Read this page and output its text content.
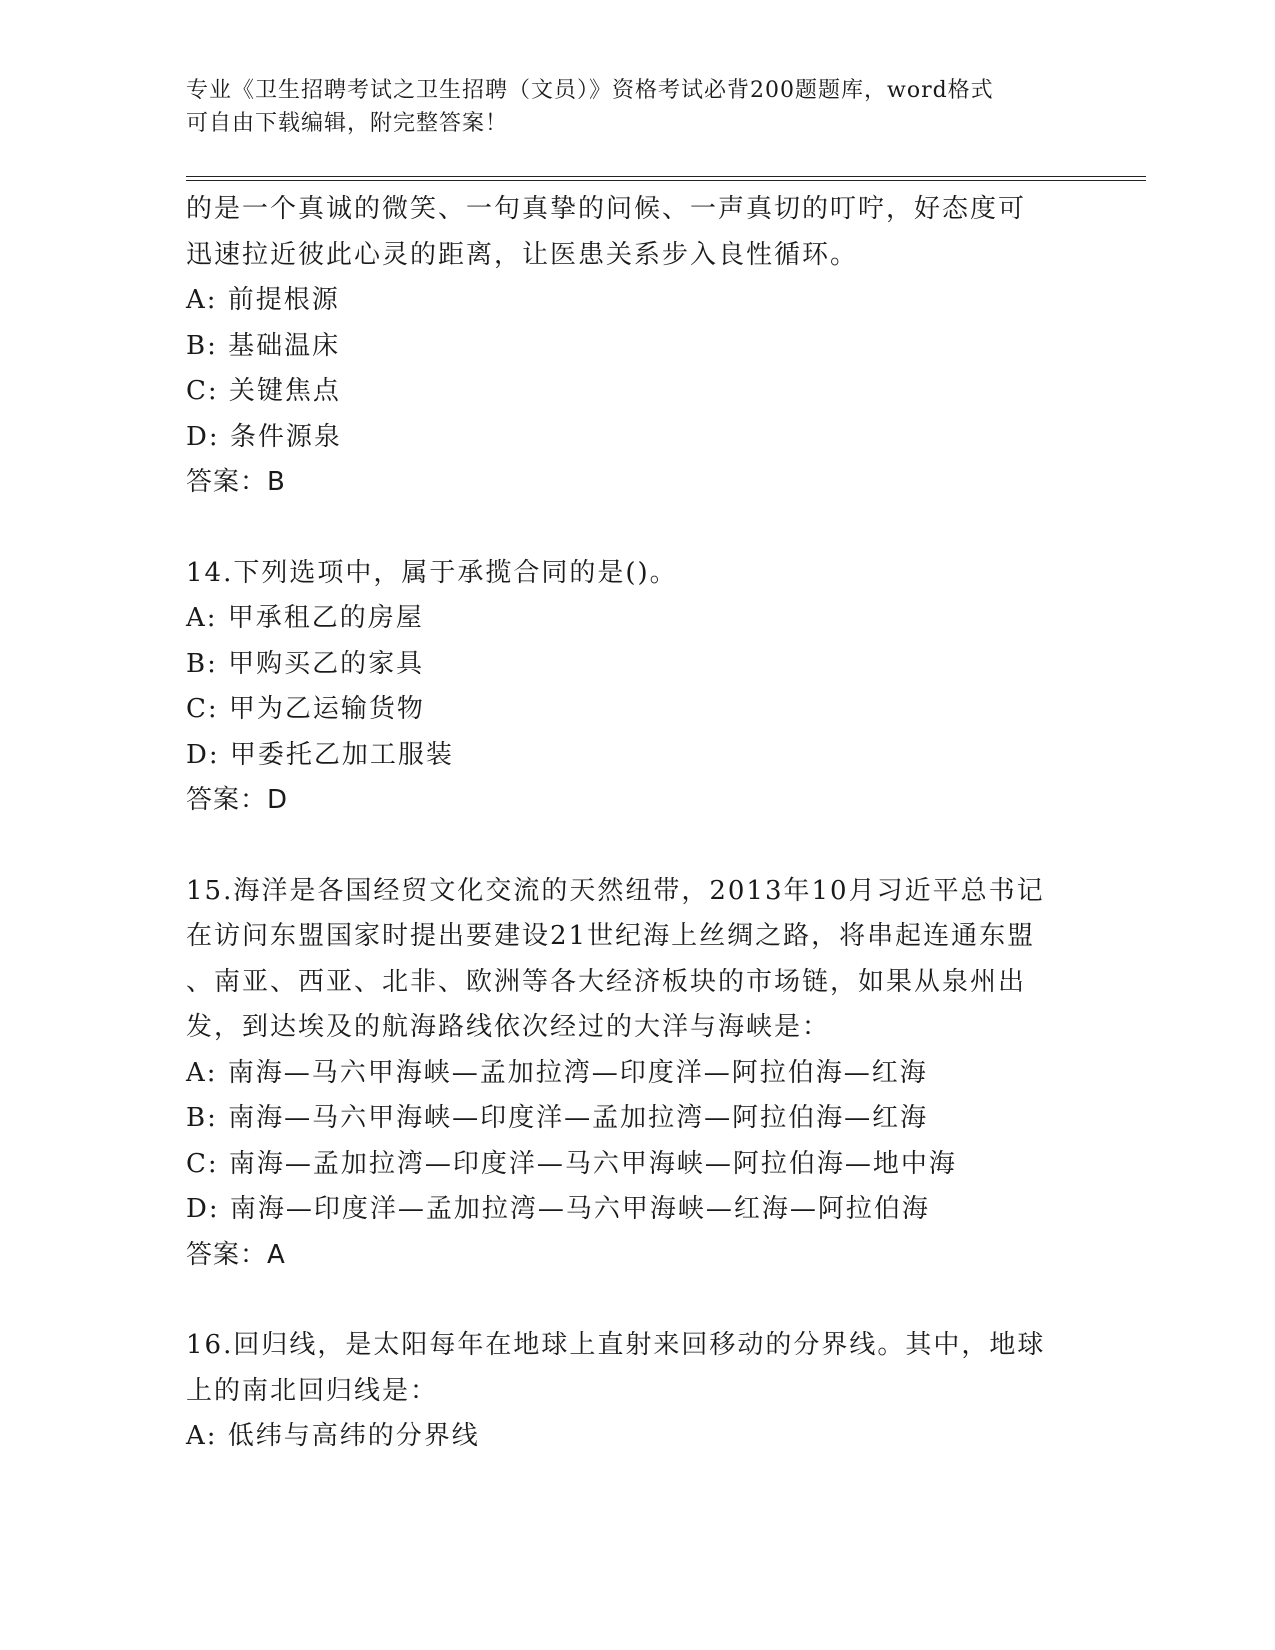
专业《卫生招聘考试之卫生招聘（文员）》资格考试必背200题题库，word格式
可自由下载编辑，附完整答案！
的是一个真诚的微笑、一句真挚的问候、一声真切的叮咛，好态度可
迅速拉近彼此心灵的距离，让医患关系步入良性循环。
A: 前提根源
B: 基础温床
C: 关键焦点
D: 条件源泉
答案：B
14.下列选项中，属于承揽合同的是()。
A: 甲承租乙的房屋
B: 甲购买乙的家具
C: 甲为乙运输货物
D: 甲委托乙加工服装
答案：D
15.海洋是各国经贸文化交流的天然纽带，2013年10月习近平总书记
在访问东盟国家时提出要建设21世纪海上丝绸之路，将串起连通东盟
、南亚、西亚、北非、欧洲等各大经济板块的市场链，如果从泉州出
发，到达埃及的航海路线依次经过的大洋与海峡是：
A: 南海—马六甲海峡—孟加拉湾—印度洋—阿拉伯海—红海
B: 南海—马六甲海峡—印度洋—孟加拉湾—阿拉伯海—红海
C: 南海—孟加拉湾—印度洋—马六甲海峡—阿拉伯海—地中海
D: 南海—印度洋—孟加拉湾—马六甲海峡—红海—阿拉伯海
答案：A
16.回归线，是太阳每年在地球上直射来回移动的分界线。其中，地球
上的南北回归线是：
A: 低纬与高纬的分界线
